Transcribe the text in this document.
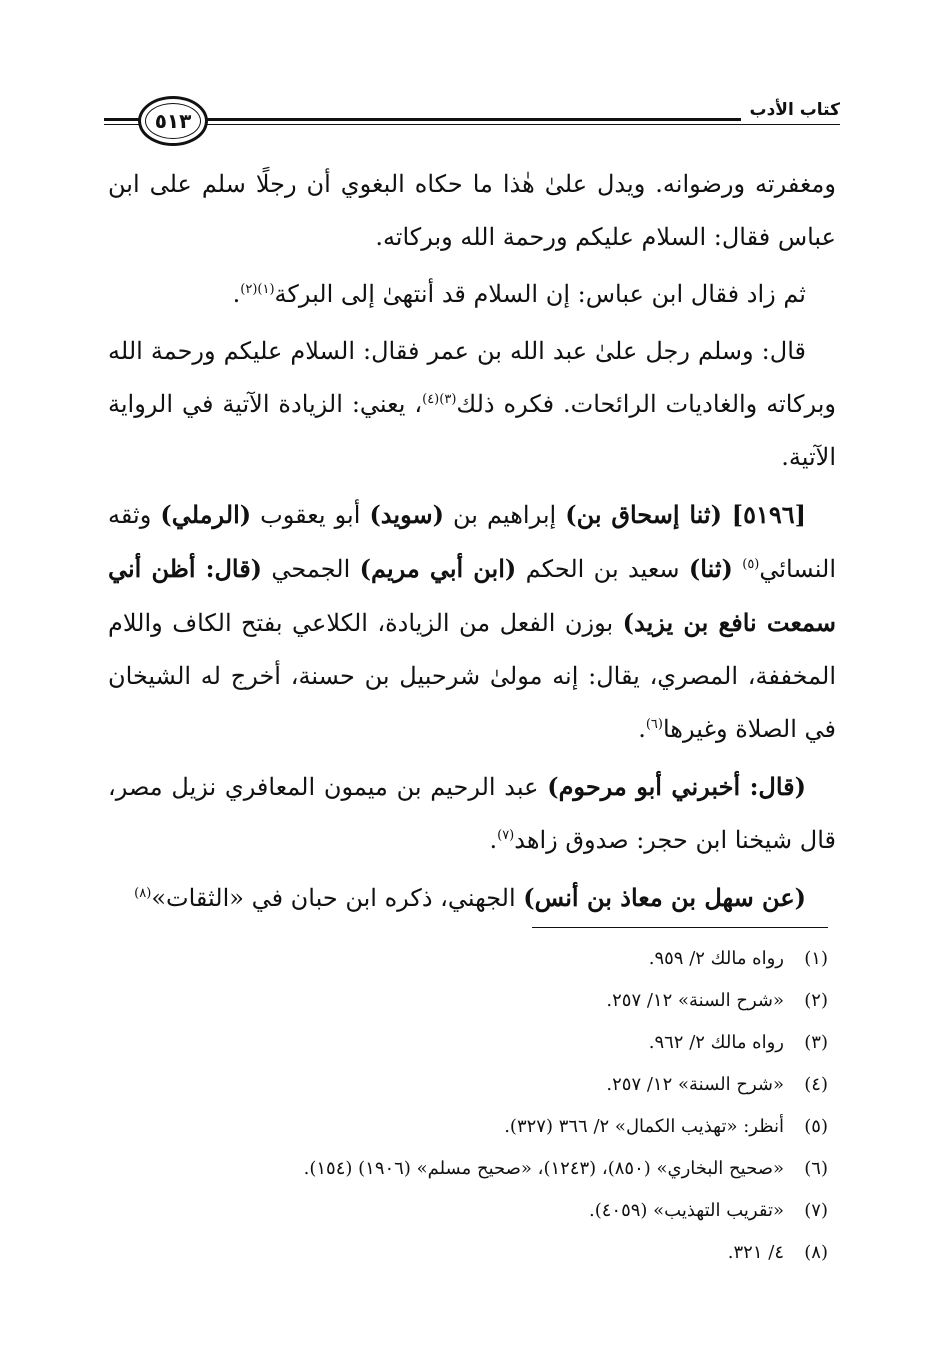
كتاب الأدب
٥١٣

ومغفرته ورضوانه. ويدل علىٰ هٰذا ما حكاه البغوي أن رجلًا سلم على ابن عباس فقال: السلام عليكم ورحمة الله وبركاته.

ثم زاد فقال ابن عباس: إن السلام قد أنتهىٰ إلى البركة$^{(١)(٢)}$.

قال: وسلم رجل علىٰ عبد الله بن عمر فقال: السلام عليكم ورحمة الله وبركاته والغاديات الرائحات. فكره ذلك$^{(٣)(٤)}$، يعني: الزيادة الآتية في الرواية الآتية.

[٥١٩٦] (ثنا إسحاق بن) إبراهيم بن (سويد) أبو يعقوب (الرملي) وثقه النسائي$^{(٥)}$ (ثنا) سعيد بن الحكم (ابن أبي مريم) الجمحي (قال: أظن أني سمعت نافع بن يزيد) بوزن الفعل من الزيادة، الكلاعي بفتح الكاف واللام المخففة، المصري، يقال: إنه مولىٰ شرحبيل بن حسنة، أخرج له الشيخان في الصلاة وغيرها$^{(٦)}$.

(قال: أخبرني أبو مرحوم) عبد الرحيم بن ميمون المعافري نزيل مصر، قال شيخنا ابن حجر: صدوق زاهد$^{(٧)}$.

(عن سهل بن معاذ بن أنس) الجهني، ذكره ابن حبان في «الثقات»$^{(٨)}$

(١)
رواه مالك ٢/ ٩٥٩.
(٢)
«شرح السنة» ١٢/ ٢٥٧.
(٣)
رواه مالك ٢/ ٩٦٢.
(٤)
«شرح السنة» ١٢/ ٢٥٧.
(٥)
أنظر: «تهذيب الكمال» ٢/ ٣٦٦ (٣٢٧).
(٦)
«صحيح البخاري» (٨٥٠)، (١٢٤٣)، «صحيح مسلم» (١٩٠٦) (١٥٤).
(٧)
«تقريب التهذيب» (٤٠٥٩).
(٨)
٤/ ٣٢١.
